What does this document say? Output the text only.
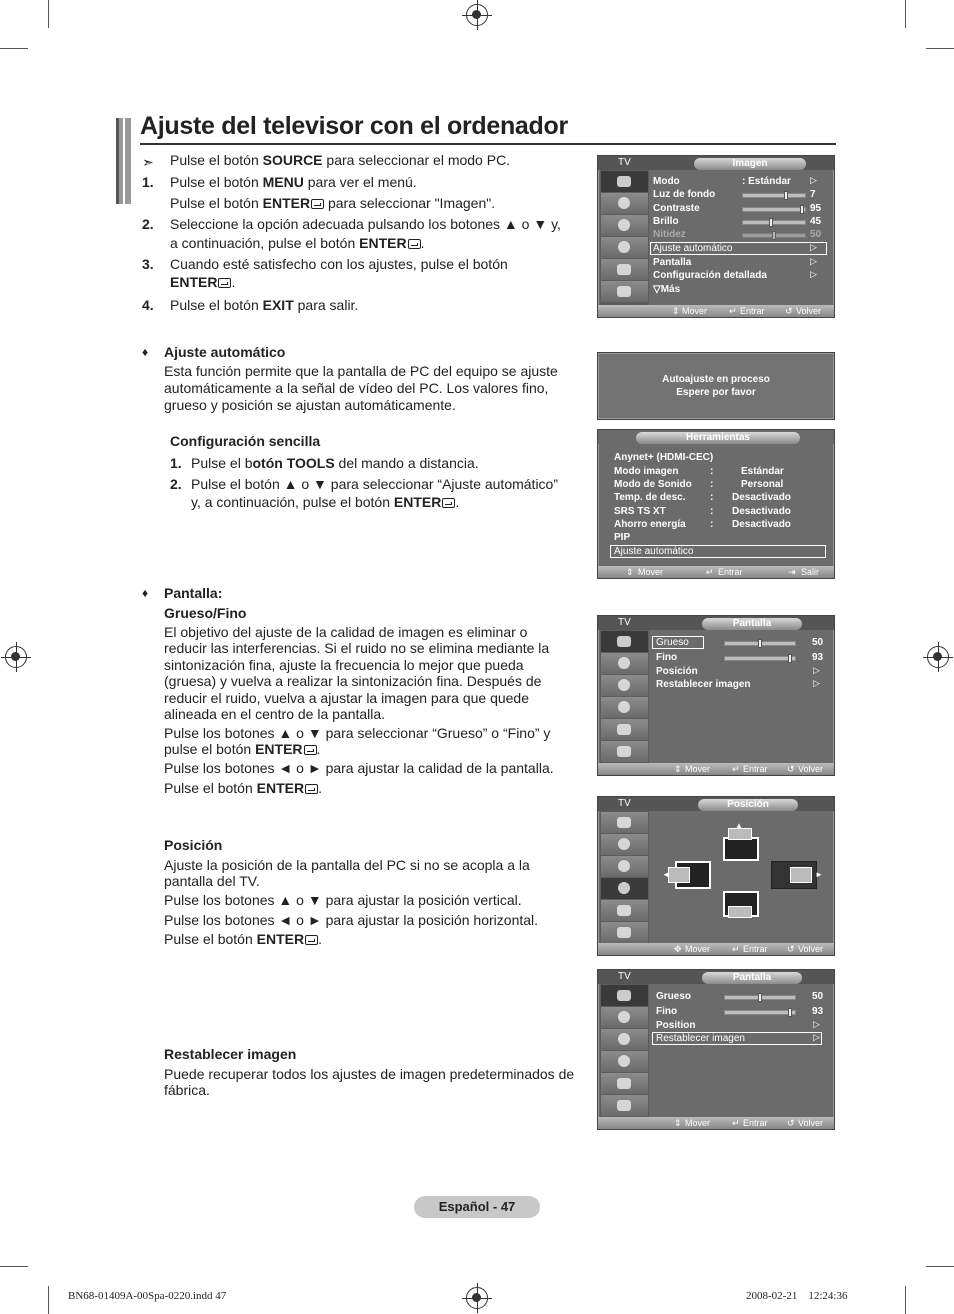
Ajuste del televisor con el ordenador
➣ Pulse el botón SOURCE para seleccionar el modo PC.
1. Pulse el botón MENU para ver el menú.
Pulse el botón ENTER para seleccionar "Imagen".
2. Seleccione la opción adecuada pulsando los botones ▲ o ▼ y,
a continuación, pulse el botón ENTER .
3. Cuando esté satisfecho con los ajustes, pulse el botón
ENTER .
4. Pulse el botón EXIT para salir.
♦ Ajuste automático
Esta función permite que la pantalla de PC del equipo se ajuste automáticamente a la señal de vídeo del PC. Los valores fino, grueso y posición se ajustan automáticamente.
Configuración sencilla
1. Pulse el botón TOOLS del mando a distancia.
2. Pulse el botón ▲ o ▼ para seleccionar “Ajuste automático”
y, a continuación, pulse el botón ENTER .
♦ Pantalla:
Grueso/Fino
El objetivo del ajuste de la calidad de imagen es eliminar o reducir las interferencias. Si el ruido no se elimina mediante la sintonización fina, ajuste la frecuencia lo mejor que pueda (gruesa) y vuelva a realizar la sintonización fina. Después de reducir el ruido, vuelva a ajustar la imagen para que quede alineada en el centro de la pantalla.
Pulse los botones ▲ o ▼ para seleccionar “Grueso” o “Fino” y
pulse el botón ENTER .
Pulse los botones ◄ o ► para ajustar la calidad de la pantalla.
Pulse el botón ENTER .
Posición
Ajuste la posición de la pantalla del PC si no se acopla a la pantalla del TV.
Pulse los botones ▲ o ▼ para ajustar la posición vertical.
Pulse los botones ◄ o ► para ajustar la posición horizontal.
Pulse el botón ENTER .
Restablecer imagen
Puede recuperar todos los ajustes de imagen predeterminados de fábrica.
TV	Imagen
Modo	: Estándar ▷
Luz de fondo	7
Contraste	95
Brillo	45
Nitidez	50
Ajuste automático	▷
Pantalla	▷
Configuración detallada	▷
▽Más
⇕ Mover ↵ Entrar ↺ Volver
Autoajuste en proceso
Espere por favor
Herramientas
Anynet+ (HDMI-CEC)
Modo imagen	:	Estándar
Modo de Sonido :	Personal
Temp. de desc. : Desactivado
SRS TS XT	: Desactivado
Ahorro energía : Desactivado
PIP
Ajuste automático
⇕ Mover	↵ Entrar	⇥ Salir
TV	Pantalla
Grueso	50
Fino	93
Posición	▷
Restablecer imagen	▷
⇕ Mover ↵ Entrar ↺ Volver
TV	Posición
▲
◄	►
✥ Mover ↵ Entrar ↺ Volver
TV	Pantalla
Grueso	50
Fino	93
Position	▷
Restablecer imagen	▷
⇕ Mover ↵ Entrar ↺ Volver
Español - 47
BN68-01409A-00Spa-0220.indd 47	2008-02-21    12:24:36
